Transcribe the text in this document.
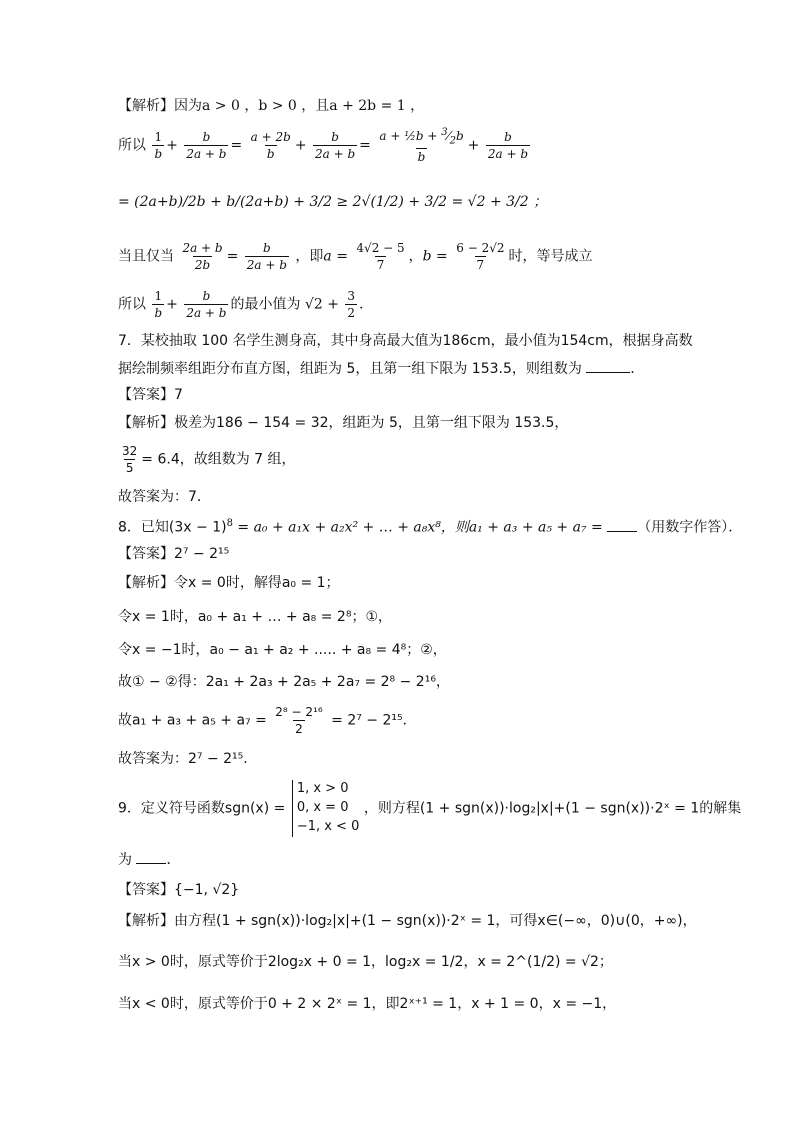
【解析】因为a > 0 ，b > 0 ，且a + 2b = 1 ，
所以 $\frac{1}{b} + \frac{b}{2a + b} = \frac{a + 2b}{b} + \frac{b}{2a + b} = \frac{a + \frac{1}{2}b + ^3⁄_2b}{b} + \frac{b}{2a + b}$
= (2a+b)/2b + b/(2a+b) + 3/2 ≥ 2√(1/2) + 3/2 = √2 + 3/2 ；
当且仅当 $\frac{2a + b}{2b} = \frac{b}{2a + b}$ ，即$a = \frac{4√2 - 5}{7}$ ，$b = \frac{6 - 2√2}{7}$ 时，等号成立
所以 $\frac{1}{b} + \frac{b}{2a + b}$ 的最小值为 $√2 + \frac{3}{2}$ .
7．某校抽取 100 名学生测身高，其中身高最大值为186cm，最小值为154cm，根据身高数
据绘制频率组距分布直方图，组距为 5，且第一组下限为 153.5，则组数为	．
【答案】7
【解析】极差为186 − 154 = 32，组距为 5，且第一组下限为 153.5，
$\frac{32}{5} = 6.4$，故组数为 7 组，
故答案为：7．
8．已知$(3x - 1)^8 = a_0 + a_1x + a_2x^2$ + … + a₈x⁸，则a₁ + a₃ + a₅ + a₇ = （用数字作答）．
【答案】2⁷ − 2¹⁵
【解析】令x = 0时，解得a₀ = 1；
令x = 1时，a₀ + a₁ + … + a₈ = 2⁸；①，
令x = −1时，a₀ − a₁ + a₂ + ..... + a₈ = 4⁸；②，
故① − ②得：2a₁ + 2a₃ + 2a₅ + 2a₇ = 2⁸ − 2¹⁶，
故$a_1 + a_3 + a_5 + a_7 = \frac{\text{2⁸ − 2¹⁶}}{2} = 2^7 - 2^{15}$．
故答案为：2⁷ − 2¹⁵．
9．定义符号函数sgn(x) =
1, x > 0
0, x = 0
−1, x < 0
，则方程(1 + sgn(x))·log₂|x|+(1 − sgn(x))·2ˣ = 1的解集
为 ．
【答案】{−1, √2}
【解析】由方程(1 + sgn(x))·log₂|x|+(1 − sgn(x))·2ˣ = 1，可得x∈(−∞，0)∪(0，+∞)，
当x > 0时，原式等价于2log₂x + 0 = 1，log₂x = 1/2，x = 2^(1/2) = √2；
当x < 0时，原式等价于0 + 2 × 2ˣ = 1，即2ˣ⁺¹ = 1，x + 1 = 0，x = −1，
